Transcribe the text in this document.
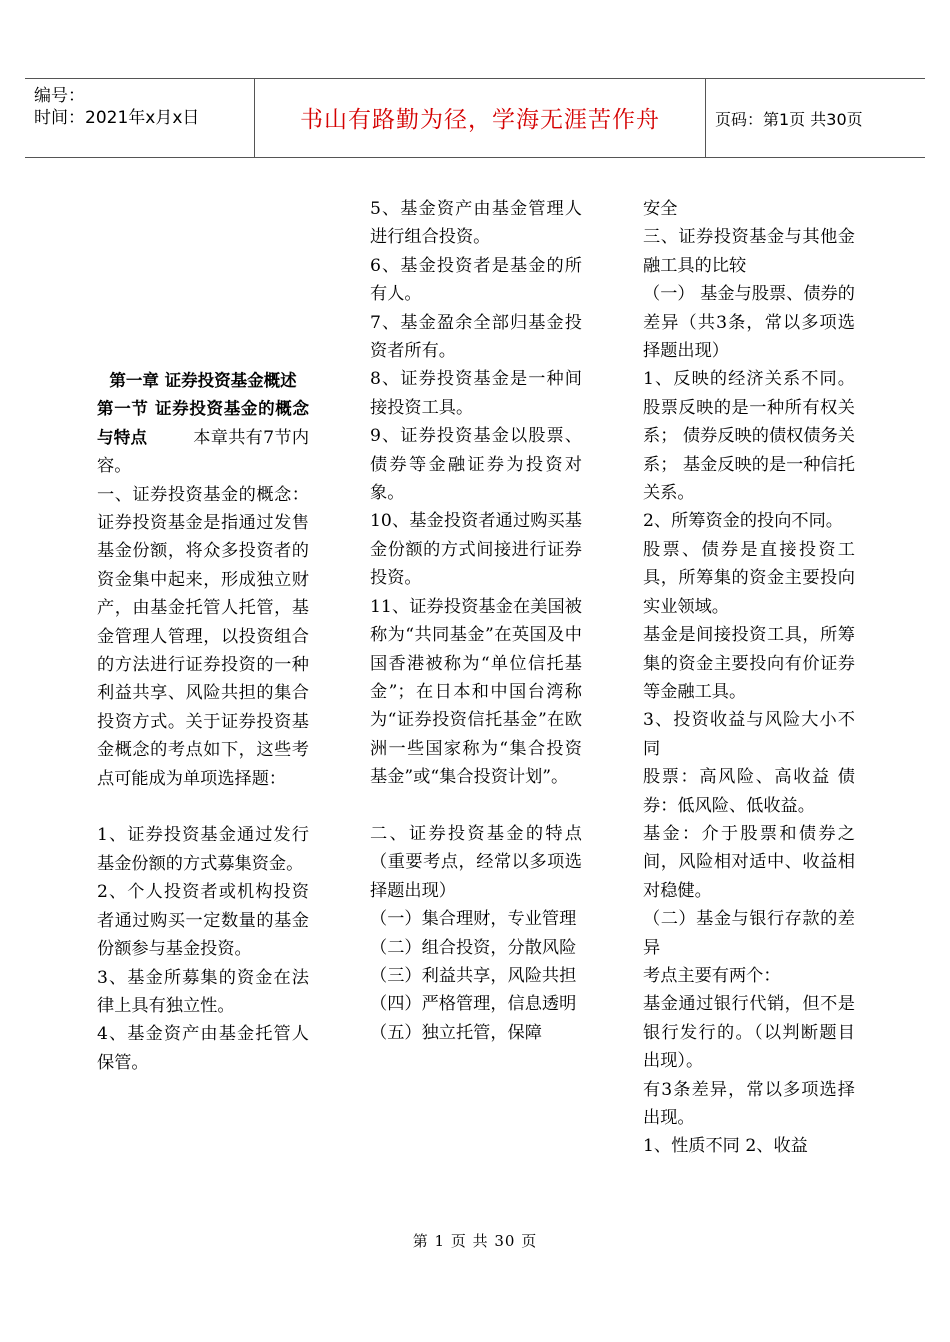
编号：
时间：2021年x月x日	书山有路勤为径，学海无涯苦作舟	页码：第1页 共30页
第一章 证券投资基金概述
第一节 证券投资基金的概念与特点	本章共有7节内容。
一、证券投资基金的概念：证券投资基金是指通过发售基金份额，将众多投资者的资金集中起来，形成独立财产，由基金托管人托管，基金管理人管理，以投资组合的方法进行证券投资的一种利益共享、风险共担的集合投资方式。关于证券投资基金概念的考点如下，这些考点可能成为单项选择题：
1、证券投资基金通过发行基金份额的方式募集资金。
2、个人投资者或机构投资者通过购买一定数量的基金份额参与基金投资。
3、基金所募集的资金在法律上具有独立性。
4、基金资产由基金托管人保管。
5、基金资产由基金管理人进行组合投资。
6、基金投资者是基金的所有人。
7、基金盈余全部归基金投资者所有。
8、证券投资基金是一种间接投资工具。
9、证券投资基金以股票、债券等金融证券为投资对象。
10、基金投资者通过购买基金份额的方式间接进行证券投资。
11、证券投资基金在美国被称为“共同基金”在英国及中国香港被称为“单位信托基金”；在日本和中国台湾称为“证券投资信托基金”在欧洲一些国家称为“集合投资基金”或“集合投资计划”。
二、证券投资基金的特点（重要考点，经常以多项选择题出现）
（一）集合理财，专业管理
（二）组合投资，分散风险
（三）利益共享，风险共担
（四）严格管理，信息透明
（五）独立托管，保障
安全
三、证券投资基金与其他金融工具的比较
（一） 基金与股票、债券的差异（共3条，常以多项选择题出现）
1、反映的经济关系不同。股票反映的是一种所有权关系； 债券反映的债权债务关系； 基金反映的是一种信托关系。
2、所筹资金的投向不同。
股票、债券是直接投资工具，所筹集的资金主要投向实业领域。
基金是间接投资工具，所筹集的资金主要投向有价证券等金融工具。
3、投资收益与风险大小不同
股票：高风险、高收益 债券：低风险、低收益。
基金：介于股票和债券之间，风险相对适中、收益相对稳健。
（二）基金与银行存款的差异
考点主要有两个：
基金通过银行代销，但不是银行发行的。（以判断题目出现）。
有3条差异，常以多项选择出现。
1、性质不同 2、收益
第 1 页 共 30 页
